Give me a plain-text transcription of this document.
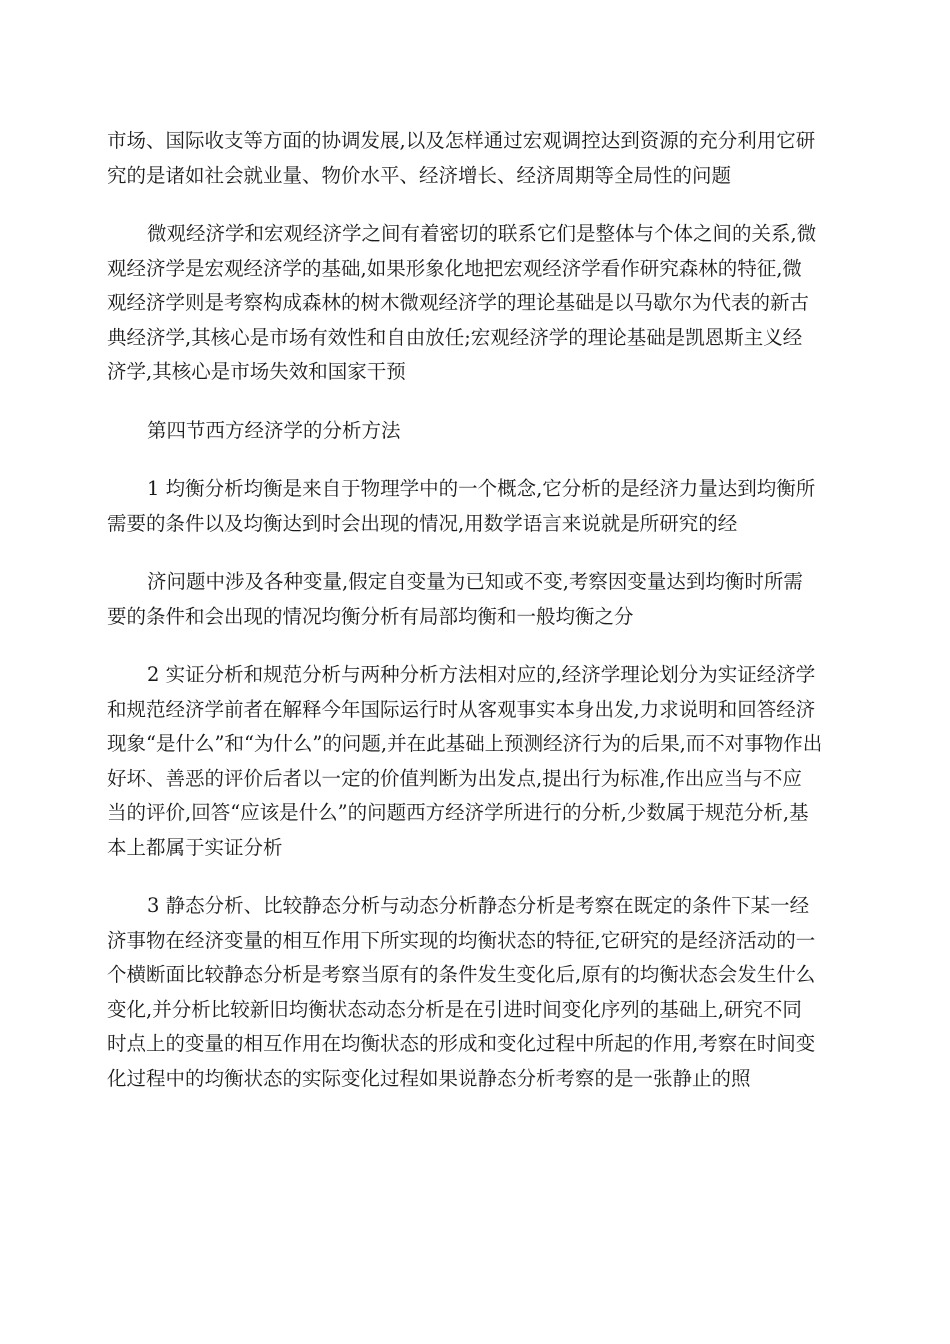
市场、国际收支等方面的协调发展,以及怎样通过宏观调控达到资源的充分利用它研
究的是诸如社会就业量、物价水平、经济增长、经济周期等全局性的问题
微观经济学和宏观经济学之间有着密切的联系它们是整体与个体之间的关系,微
观经济学是宏观经济学的基础,如果形象化地把宏观经济学看作研究森林的特征,微
观经济学则是考察构成森林的树木微观经济学的理论基础是以马歇尔为代表的新古
典经济学,其核心是市场有效性和自由放任;宏观经济学的理论基础是凯恩斯主义经
济学,其核心是市场失效和国家干预
第四节西方经济学的分析方法
1 均衡分析均衡是来自于物理学中的一个概念,它分析的是经济力量达到均衡所
需要的条件以及均衡达到时会出现的情况,用数学语言来说就是所研究的经
济问题中涉及各种变量,假定自变量为已知或不变,考察因变量达到均衡时所需
要的条件和会出现的情况均衡分析有局部均衡和一般均衡之分
2 实证分析和规范分析与两种分析方法相对应的,经济学理论划分为实证经济学
和规范经济学前者在解释今年国际运行时从客观事实本身出发,力求说明和回答经济
现象“是什么”和“为什么”的问题,并在此基础上预测经济行为的后果,而不对事物作出
好坏、善恶的评价后者以一定的价值判断为出发点,提出行为标准,作出应当与不应
当的评价,回答“应该是什么”的问题西方经济学所进行的分析,少数属于规范分析,基
本上都属于实证分析
3 静态分析、比较静态分析与动态分析静态分析是考察在既定的条件下某一经
济事物在经济变量的相互作用下所实现的均衡状态的特征,它研究的是经济活动的一
个横断面比较静态分析是考察当原有的条件发生变化后,原有的均衡状态会发生什么
变化,并分析比较新旧均衡状态动态分析是在引进时间变化序列的基础上,研究不同
时点上的变量的相互作用在均衡状态的形成和变化过程中所起的作用,考察在时间变
化过程中的均衡状态的实际变化过程如果说静态分析考察的是一张静止的照
